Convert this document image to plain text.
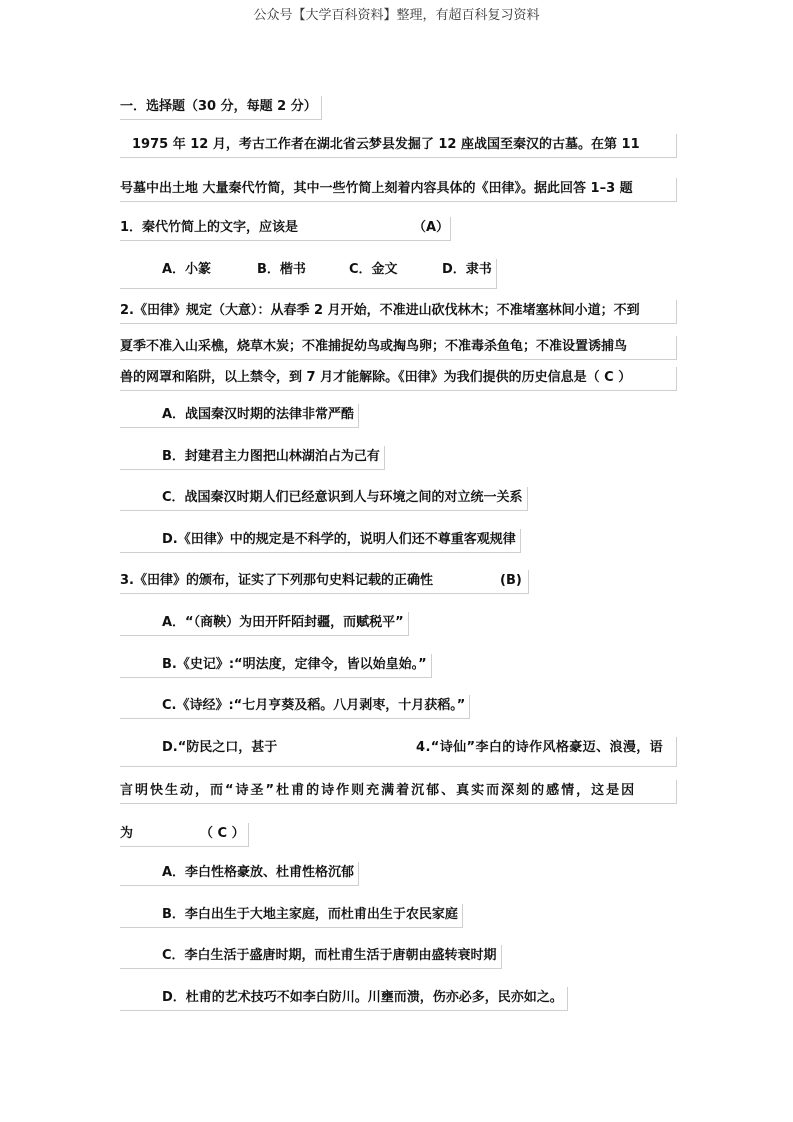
公众号【大学百科资料】整理，有超百科复习资料
一．选择题（30 分，每题 2 分）
1975 年 12 月，考古工作者在湖北省云梦县发掘了 12 座战国至秦汉的古墓。在第 11
号墓中出土地 大量秦代竹简，其中一些竹简上刻着内容具体的《田律》。据此回答 1–3 题
1．秦代竹简上的文字，应该是	（A）
A．小篆	B．楷书	C．金文	D．隶书
2.《田律》规定（大意）：从春季 2 月开始，不准进山砍伐林木；不准堵塞林间小道；不到
夏季不准入山采樵，烧草木炭；不准捕捉幼鸟或掏鸟卵；不准毒杀鱼龟；不准设置诱捕鸟
兽的网罩和陷阱，以上禁令，到 7 月才能解除。《田律》为我们提供的历史信息是（ C ）
A．战国秦汉时期的法律非常严酷
B．封建君主力图把山林湖泊占为己有
C．战国秦汉时期人们已经意识到人与环境之间的对立统一关系
D.《田律》中的规定是不科学的，说明人们还不尊重客观规律
3.《田律》的颁布，证实了下列那句史料记载的正确性	(B)
A．“（商鞅）为田开阡陌封疆，而赋税平”
B.《史记》:“明法度，定律令，皆以始皇始。”
C.《诗经》:“七月亨葵及稻。八月剥枣，十月获稻。”
D.“防民之口，甚于	4.“诗仙”李白的诗作风格豪迈、浪漫，语
言明快生动，而“诗圣”杜甫的诗作则充满着沉郁、真实而深刻的感情，这是因
为	（ C ）
A．李白性格豪放、杜甫性格沉郁
B．李白出生于大地主家庭，而杜甫出生于农民家庭
C．李白生活于盛唐时期，而杜甫生活于唐朝由盛转衰时期
D．杜甫的艺术技巧不如李白防川。川壅而溃，伤亦必多，民亦如之。
